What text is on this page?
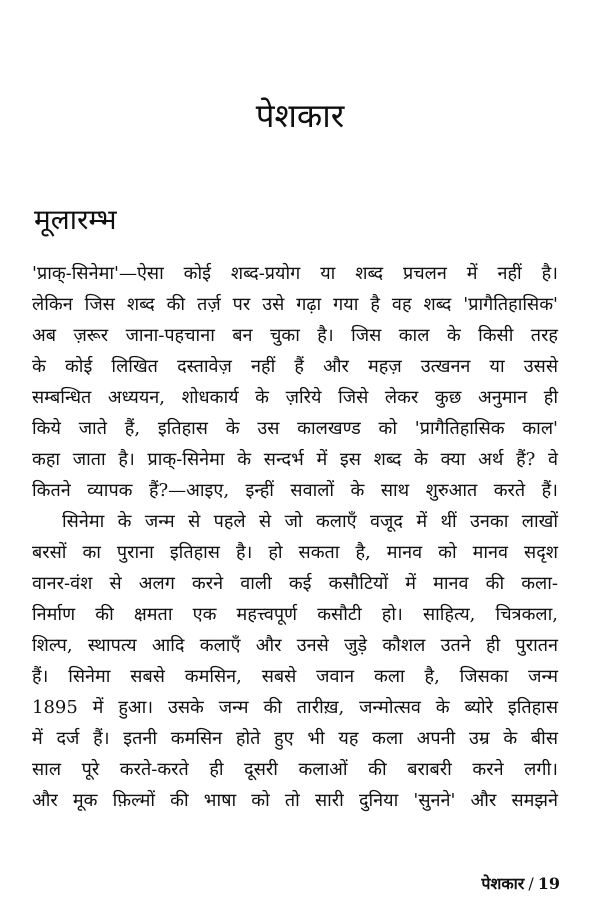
पेशकार
मूलारम्भ
'प्राक्-सिनेमा'—ऐसा कोई शब्द-प्रयोग या शब्द प्रचलन में नहीं है।
लेकिन जिस शब्द की तर्ज़ पर उसे गढ़ा गया है वह शब्द 'प्रागैतिहासिक'
अब ज़रूर जाना-पहचाना बन चुका है। जिस काल के किसी तरह
के कोई लिखित दस्तावेज़ नहीं हैं और महज़ उत्खनन या उससे
सम्बन्धित अध्ययन, शोधकार्य के ज़रिये जिसे लेकर कुछ अनुमान ही
किये जाते हैं, इतिहास के उस कालखण्ड को 'प्रागैतिहासिक काल'
कहा जाता है। प्राक्-सिनेमा के सन्दर्भ में इस शब्द के क्या अर्थ हैं? वे
कितने व्यापक हैं?—आइए, इन्हीं सवालों के साथ शुरुआत करते हैं।
सिनेमा के जन्म से पहले से जो कलाएँ वजूद में थीं उनका लाखों
बरसों का पुराना इतिहास है। हो सकता है, मानव को मानव सदृश
वानर-वंश से अलग करने वाली कई कसौटियों में मानव की कला-
निर्माण की क्षमता एक महत्त्वपूर्ण कसौटी हो। साहित्य, चित्रकला,
शिल्प, स्थापत्य आदि कलाएँ और उनसे जुड़े कौशल उतने ही पुरातन
हैं। सिनेमा सबसे कमसिन, सबसे जवान कला है, जिसका जन्म
1895 में हुआ। उसके जन्म की तारीख़, जन्मोत्सव के ब्योरे इतिहास
में दर्ज हैं। इतनी कमसिन होते हुए भी यह कला अपनी उम्र के बीस
साल पूरे करते-करते ही दूसरी कलाओं की बराबरी करने लगी।
और मूक फ़िल्मों की भाषा को तो सारी दुनिया 'सुनने' और समझने
पेशकार / 19
